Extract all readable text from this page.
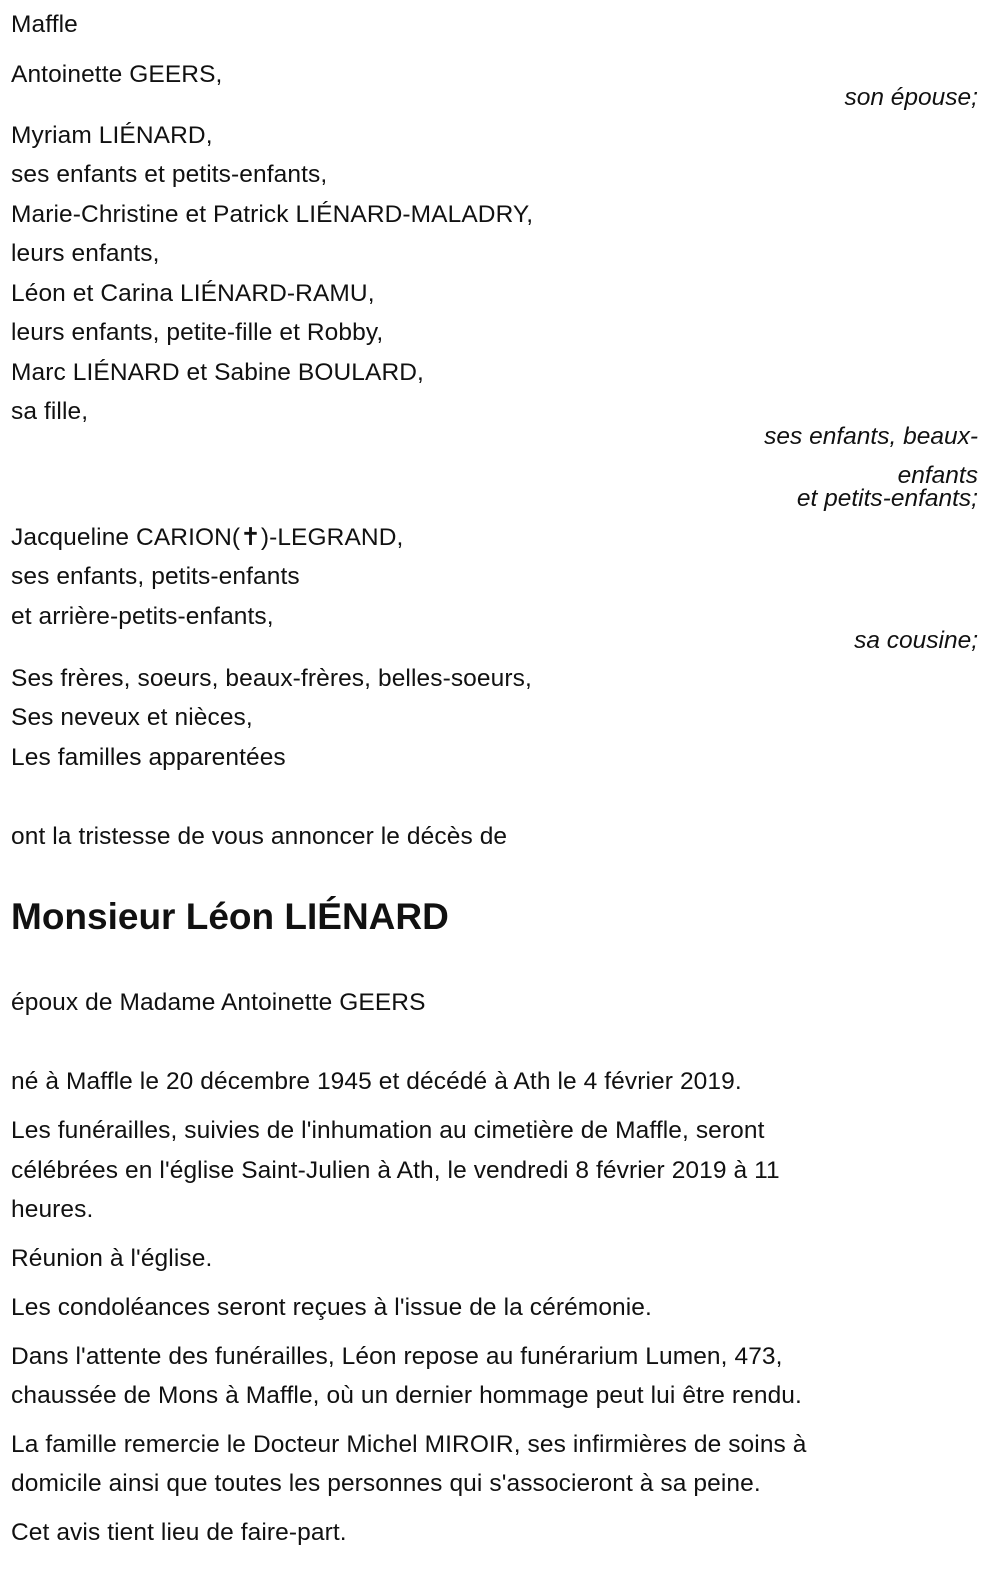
Maffle
Antoinette GEERS,
son épouse;
Myriam LIÉNARD,
ses enfants et petits-enfants,
Marie-Christine et Patrick LIÉNARD-MALADRY,
leurs enfants,
Léon et Carina LIÉNARD-RAMU,
leurs enfants, petite-fille et Robby,
Marc LIÉNARD et Sabine BOULARD,
sa fille,
ses enfants, beaux-
enfants
et petits-enfants;
Jacqueline CARION(✝)-LEGRAND,
ses enfants, petits-enfants
et arrière-petits-enfants,
sa cousine;
Ses frères, soeurs, beaux-frères, belles-soeurs,
Ses neveux et nièces,
Les familles apparentées
ont la tristesse de vous annoncer le décès de
Monsieur Léon LIÉNARD
époux de Madame Antoinette GEERS
né à Maffle le 20 décembre 1945 et décédé à Ath le 4 février 2019.
Les funérailles, suivies de l'inhumation au cimetière de Maffle, seront
célébrées en l'église Saint-Julien à Ath, le vendredi 8 février 2019 à 11
heures.
Réunion à l'église.
Les condoléances seront reçues à l'issue de la cérémonie.
Dans l'attente des funérailles, Léon repose au funérarium Lumen, 473,
chaussée de Mons à Maffle, où un dernier hommage peut lui être rendu.
La famille remercie le Docteur Michel MIROIR, ses infirmières de soins à
domicile ainsi que toutes les personnes qui s'associeront à sa peine.
Cet avis tient lieu de faire-part.
